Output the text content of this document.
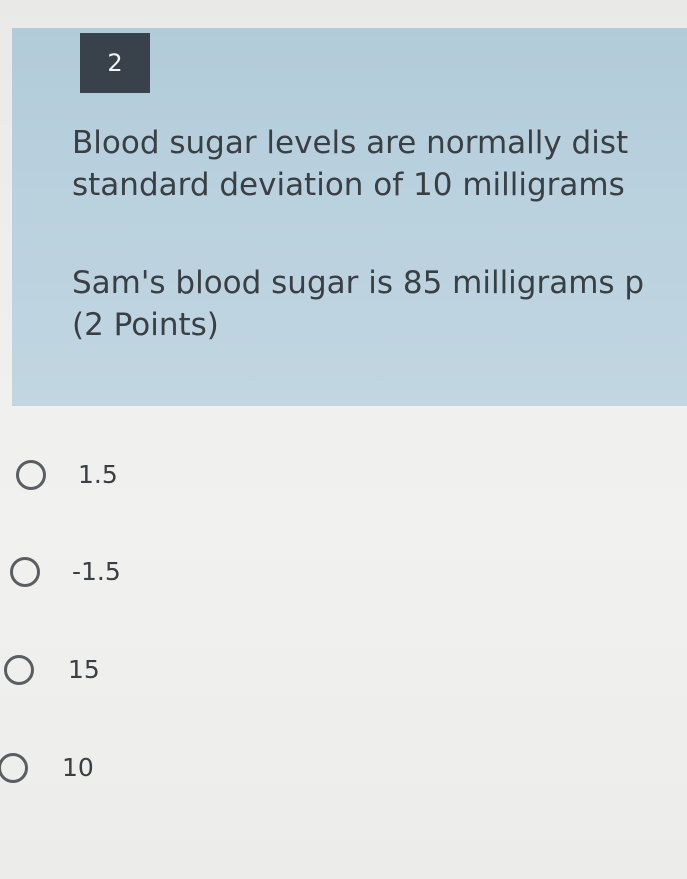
2
Blood sugar levels are normally dist
standard deviation of 10 milligrams
Sam's blood sugar is 85 milligrams p
(2 Points)
1.5
-1.5
15
10
